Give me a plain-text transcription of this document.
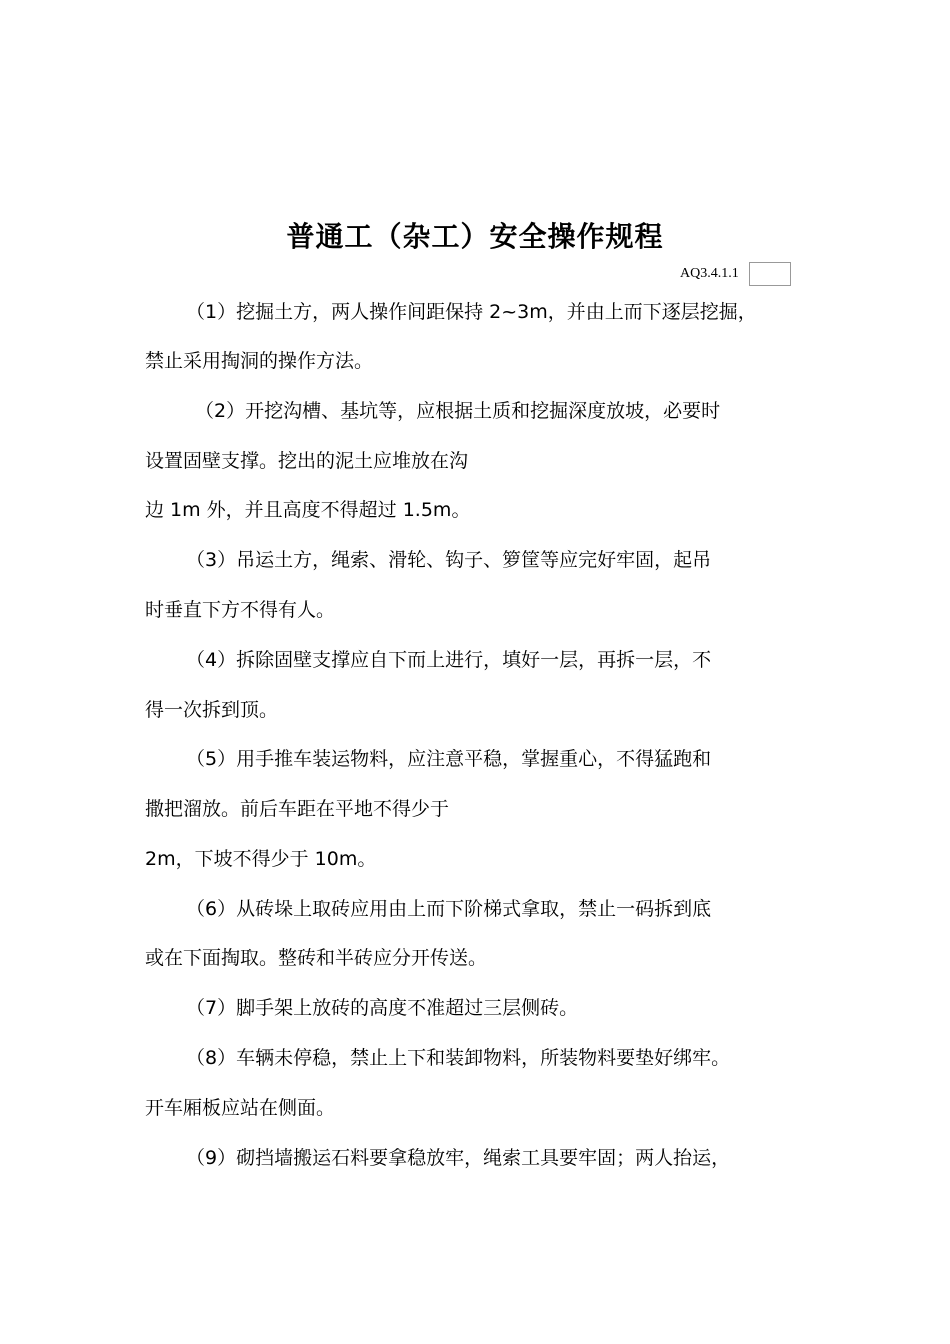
普通工（杂工）安全操作规程
AQ3.4.1.1
（1）挖掘土方，两人操作间距保持 2~3m，并由上而下逐层挖掘，
禁止采用掏洞的操作方法。
（2）开挖沟槽、基坑等，应根据土质和挖掘深度放坡，必要时
设置固壁支撑。挖出的泥土应堆放在沟
边 1m 外，并且高度不得超过 1.5m。
（3）吊运土方，绳索、滑轮、钩子、箩筐等应完好牢固，起吊
时垂直下方不得有人。
（4）拆除固壁支撑应自下而上进行，填好一层，再拆一层，不
得一次拆到顶。
（5）用手推车装运物料，应注意平稳，掌握重心，不得猛跑和
撒把溜放。前后车距在平地不得少于
2m，下坡不得少于 10m。
（6）从砖垛上取砖应用由上而下阶梯式拿取，禁止一码拆到底
或在下面掏取。整砖和半砖应分开传送。
（7）脚手架上放砖的高度不准超过三层侧砖。
（8）车辆未停稳，禁止上下和装卸物料，所装物料要垫好绑牢。
开车厢板应站在侧面。
（9）砌挡墙搬运石料要拿稳放牢，绳索工具要牢固；两人抬运，
